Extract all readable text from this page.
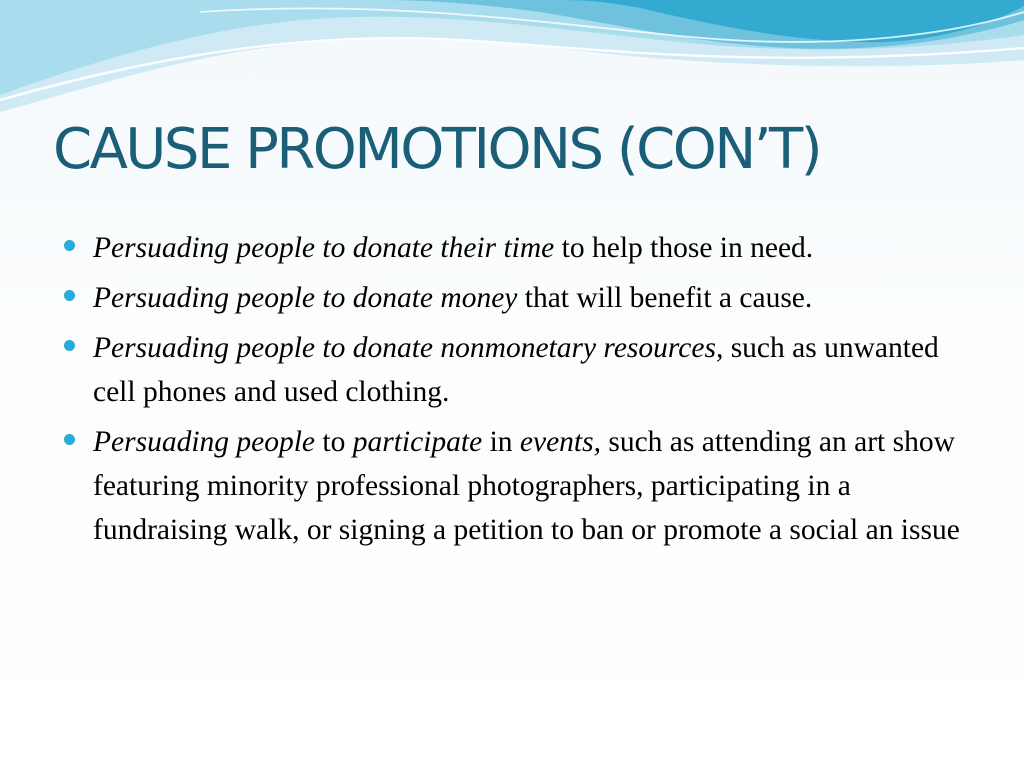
CAUSE PROMOTIONS (CON’T)
Persuading people to donate their time to help those in need.
Persuading people to donate money that will benefit a cause.
Persuading people to donate nonmonetary resources, such as unwanted cell phones and used clothing.
Persuading people to participate in events, such as attending an art show featuring minority professional photographers, participating in a fundraising walk, or signing a petition to ban or promote a social an issue
